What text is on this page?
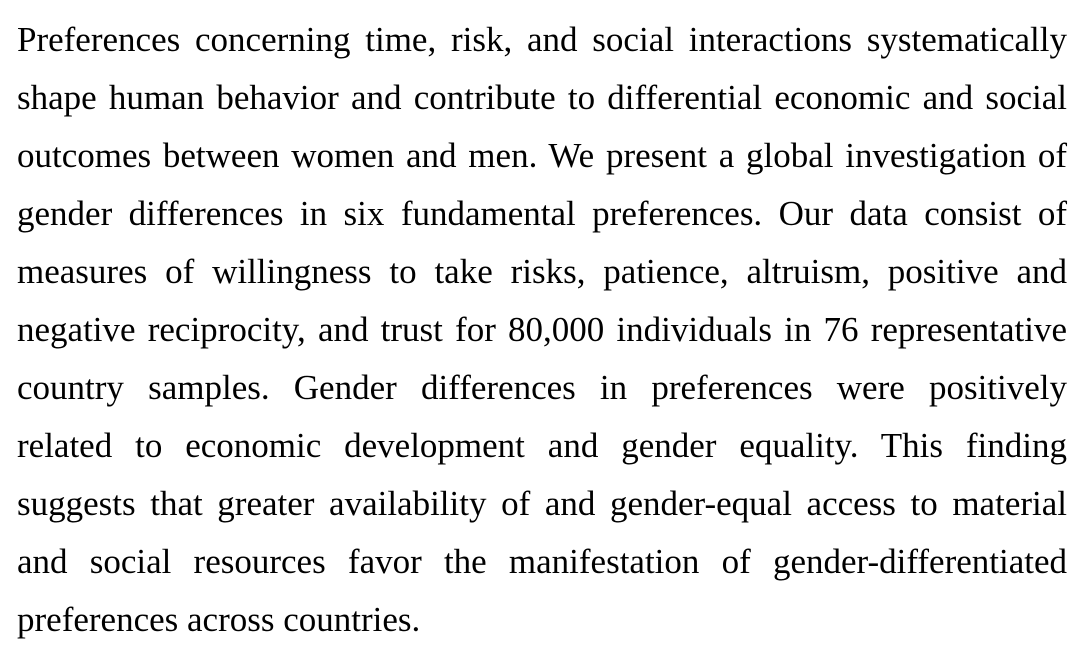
Preferences concerning time, risk, and social interactions systematically
shape human behavior and contribute to differential economic and social
outcomes between women and men. We present a global investigation of
gender differences in six fundamental preferences. Our data consist of
measures of willingness to take risks, patience, altruism, positive and
negative reciprocity, and trust for 80,000 individuals in 76 representative
country samples. Gender differences in preferences were positively
related to economic development and gender equality. This finding
suggests that greater availability of and gender-equal access to material
and social resources favor the manifestation of gender-differentiated
preferences across countries.
